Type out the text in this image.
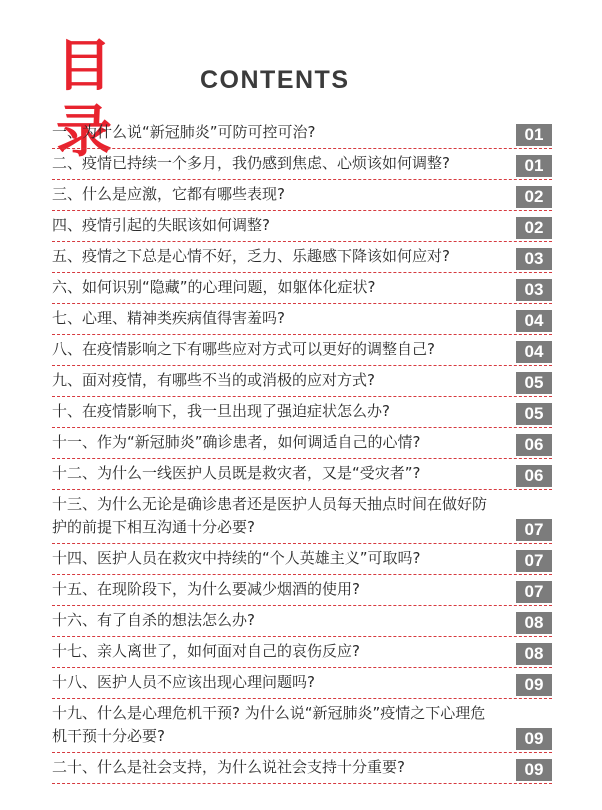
目录
CONTENTS
一、为什么说“新冠肺炎”可防可控可治?	01
二、疫情已持续一个多月，我仍感到焦虑、心烦该如何调整?	01
三、什么是应激，它都有哪些表现?	02
四、疫情引起的失眠该如何调整?	02
五、疫情之下总是心情不好，乏力、乐趣感下降该如何应对?	03
六、如何识别“隐藏”的心理问题，如躯体化症状?	03
七、心理、精神类疾病值得害羞吗?	04
八、在疫情影响之下有哪些应对方式可以更好的调整自己?	04
九、面对疫情，有哪些不当的或消极的应对方式?	05
十、在疫情影响下，我一旦出现了强迫症状怎么办?	05
十一、作为“新冠肺炎”确诊患者，如何调适自己的心情?	06
十二、为什么一线医护人员既是救灾者，又是“受灾者”?	06
十三、为什么无论是确诊患者还是医护人员每天抽点时间在做好防护的前提下相互沟通十分必要?	07
十四、医护人员在救灾中持续的“个人英雄主义”可取吗?	07
十五、在现阶段下，为什么要减少烟酒的使用?	07
十六、有了自杀的想法怎么办?	08
十七、亲人离世了，如何面对自己的哀伤反应?	08
十八、医护人员不应该出现心理问题吗?	09
十九、什么是心理危机干预? 为什么说“新冠肺炎”疫情之下心理危机干预十分必要?	09
二十、什么是社会支持，为什么说社会支持十分重要?	09
